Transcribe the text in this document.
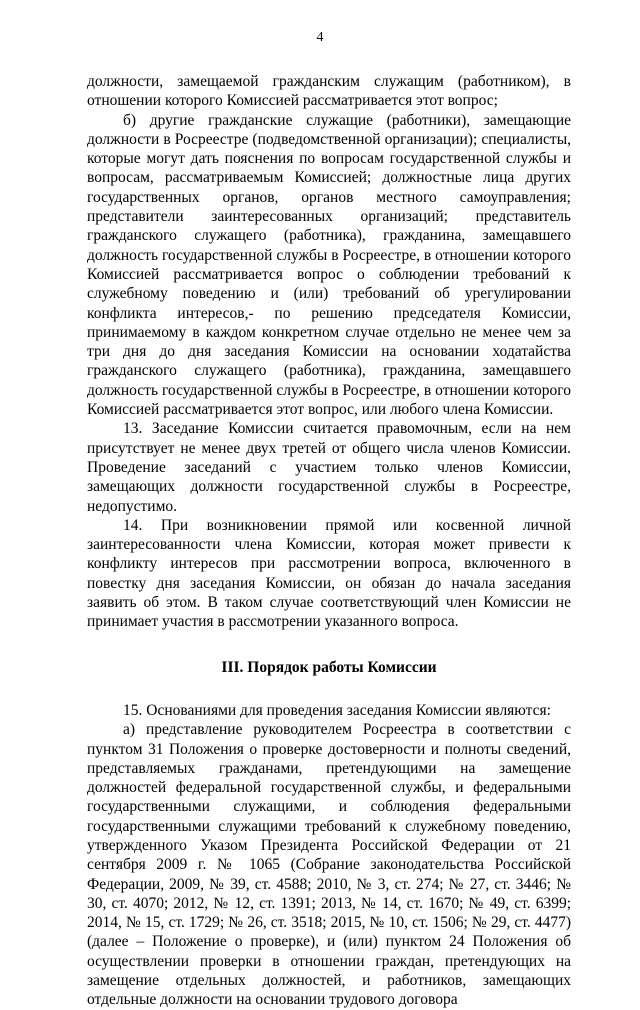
4

должности, замещаемой гражданским служащим (работником), в отношении которого Комиссией рассматривается этот вопрос;

б) другие гражданские служащие (работники), замещающие должности в Росреестре (подведомственной организации); специалисты, которые могут дать пояснения по вопросам государственной службы и вопросам, рассматриваемым Комиссией; должностные лица других государственных органов, органов местного самоуправления; представители заинтересованных организаций; представитель гражданского служащего (работника), гражданина, замещавшего должность государственной службы в Росреестре, в отношении которого Комиссией рассматривается вопрос о соблюдении требований к служебному поведению и (или) требований об урегулировании конфликта интересов,- по решению председателя Комиссии, принимаемому в каждом конкретном случае отдельно не менее чем за три дня до дня заседания Комиссии на основании ходатайства гражданского служащего (работника), гражданина, замещавшего должность государственной службы в Росреестре, в отношении которого Комиссией рассматривается этот вопрос, или любого члена Комиссии.

13. Заседание Комиссии считается правомочным, если на нем присутствует не менее двух третей от общего числа членов Комиссии. Проведение заседаний с участием только членов Комиссии, замещающих должности государственной службы в Росреестре, недопустимо.

14. При возникновении прямой или косвенной личной заинтересованности члена Комиссии, которая может привести к конфликту интересов при рассмотрении вопроса, включенного в повестку дня заседания Комиссии, он обязан до начала заседания заявить об этом. В таком случае соответствующий член Комиссии не принимает участия в рассмотрении указанного вопроса.

III. Порядок работы Комиссии

15. Основаниями для проведения заседания Комиссии являются:

а) представление руководителем Росреестра в соответствии с пунктом 31 Положения о проверке достоверности и полноты сведений, представляемых гражданами, претендующими на замещение должностей федеральной государственной службы, и федеральными государственными служащими, и соблюдения федеральными государственными служащими требований к служебному поведению, утвержденного Указом Президента Российской Федерации от 21 сентября 2009 г. № 1065 (Собрание законодательства Российской Федерации, 2009, № 39, ст. 4588; 2010, № 3, ст. 274; № 27, ст. 3446; № 30, ст. 4070; 2012, № 12, ст. 1391; 2013, № 14, ст. 1670; № 49, ст. 6399; 2014, № 15, ст. 1729; № 26, ст. 3518; 2015, № 10, ст. 1506; № 29, ст. 4477) (далее – Положение о проверке), и (или) пунктом 24 Положения об осуществлении проверки в отношении граждан, претендующих на замещение отдельных должностей, и работников, замещающих отдельные должности на основании трудового договора
